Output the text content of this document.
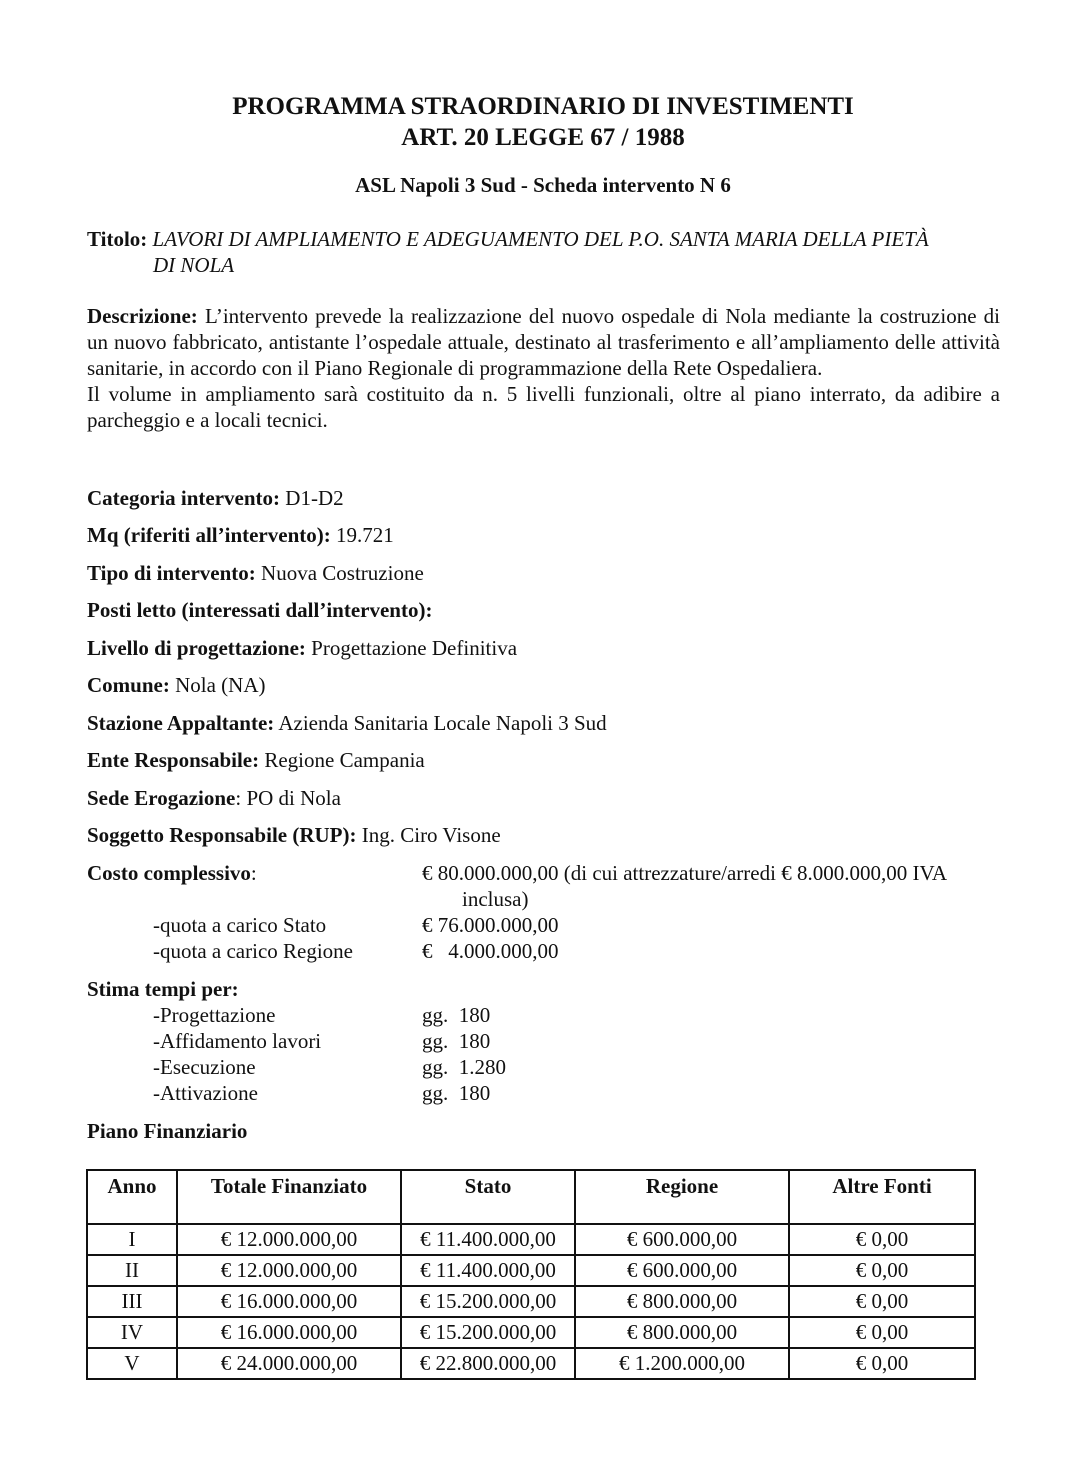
PROGRAMMA STRAORDINARIO DI INVESTIMENTI
ART. 20 LEGGE 67 / 1988
ASL Napoli 3 Sud - Scheda intervento N 6
Titolo: LAVORI DI AMPLIAMENTO E ADEGUAMENTO DEL P.O. SANTA MARIA DELLA PIETÀ
DI NOLA

Descrizione: L’intervento prevede la realizzazione del nuovo ospedale di Nola mediante la costruzione di un nuovo fabbricato, antistante l’ospedale attuale, destinato al trasferimento e all’ampliamento delle attività sanitarie, in accordo con il Piano Regionale di programmazione della Rete Ospedaliera.

Il volume in ampliamento sarà costituito da n. 5 livelli funzionali, oltre al piano interrato, da adibire a parcheggio e a locali tecnici.

Categoria intervento: D1-D2
Mq (riferiti all’intervento): 19.721
Tipo di intervento: Nuova Costruzione
Posti letto (interessati dall’intervento):
Livello di progettazione: Progettazione Definitiva
Comune: Nola (NA)
Stazione Appaltante: Azienda Sanitaria Locale Napoli 3 Sud
Ente Responsabile: Regione Campania
Sede Erogazione: PO di Nola
Soggetto Responsabile (RUP): Ing. Ciro Visone
Costo complessivo:	€ 80.000.000,00 (di cui attrezzature/arredi € 8.000.000,00 IVA
inclusa)
-quota a carico Stato	€ 76.000.000,00
-quota a carico Regione	€   4.000.000,00
Stima tempi per:
-Progettazione	gg.  180
-Affidamento lavori	gg.  180
-Esecuzione	gg.  1.280
-Attivazione	gg.  180
Piano Finanziario
Anno	Totale Finanziato	Stato	Regione	Altre Fonti
I	€ 12.000.000,00	€ 11.400.000,00	€ 600.000,00	€ 0,00
II	€ 12.000.000,00	€ 11.400.000,00	€ 600.000,00	€ 0,00
III	€ 16.000.000,00	€ 15.200.000,00	€ 800.000,00	€ 0,00
IV	€ 16.000.000,00	€ 15.200.000,00	€ 800.000,00	€ 0,00
V	€ 24.000.000,00	€ 22.800.000,00	€ 1.200.000,00	€ 0,00
